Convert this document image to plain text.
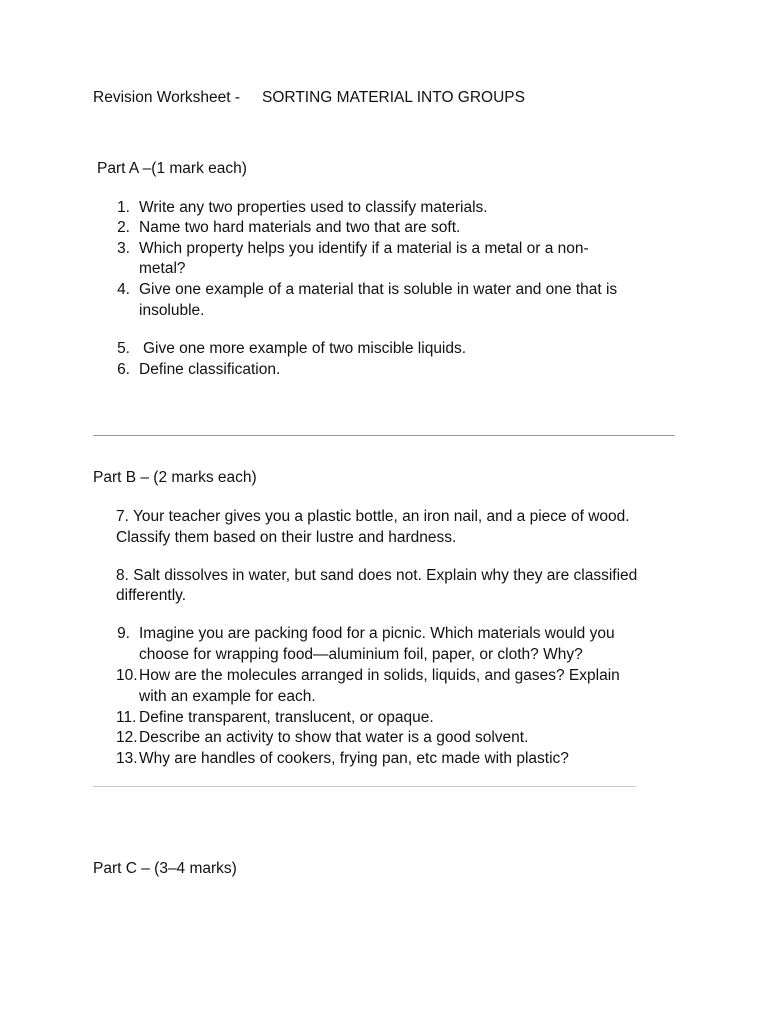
Revision Worksheet - SORTING MATERIAL INTO GROUPS
Part A –(1 mark each)
1. Write any two properties used to classify materials.
2. Name two hard materials and two that are soft.
3. Which property helps you identify if a material is a metal or a non-
metal?
4. Give one example of a material that is soluble in water and one that is
insoluble.
5. Give one more example of two miscible liquids.
6. Define classification.
Part B – (2 marks each)
7. Your teacher gives you a plastic bottle, an iron nail, and a piece of wood.
Classify them based on their lustre and hardness.
8. Salt dissolves in water, but sand does not. Explain why they are classified
differently.
9. Imagine you are packing food for a picnic. Which materials would you
choose for wrapping food—aluminium foil, paper, or cloth? Why?
10. How are the molecules arranged in solids, liquids, and gases? Explain
with an example for each.
11. Define transparent, translucent, or opaque.
12. Describe an activity to show that water is a good solvent.
13. Why are handles of cookers, frying pan, etc made with plastic?
Part C – (3–4 marks)
